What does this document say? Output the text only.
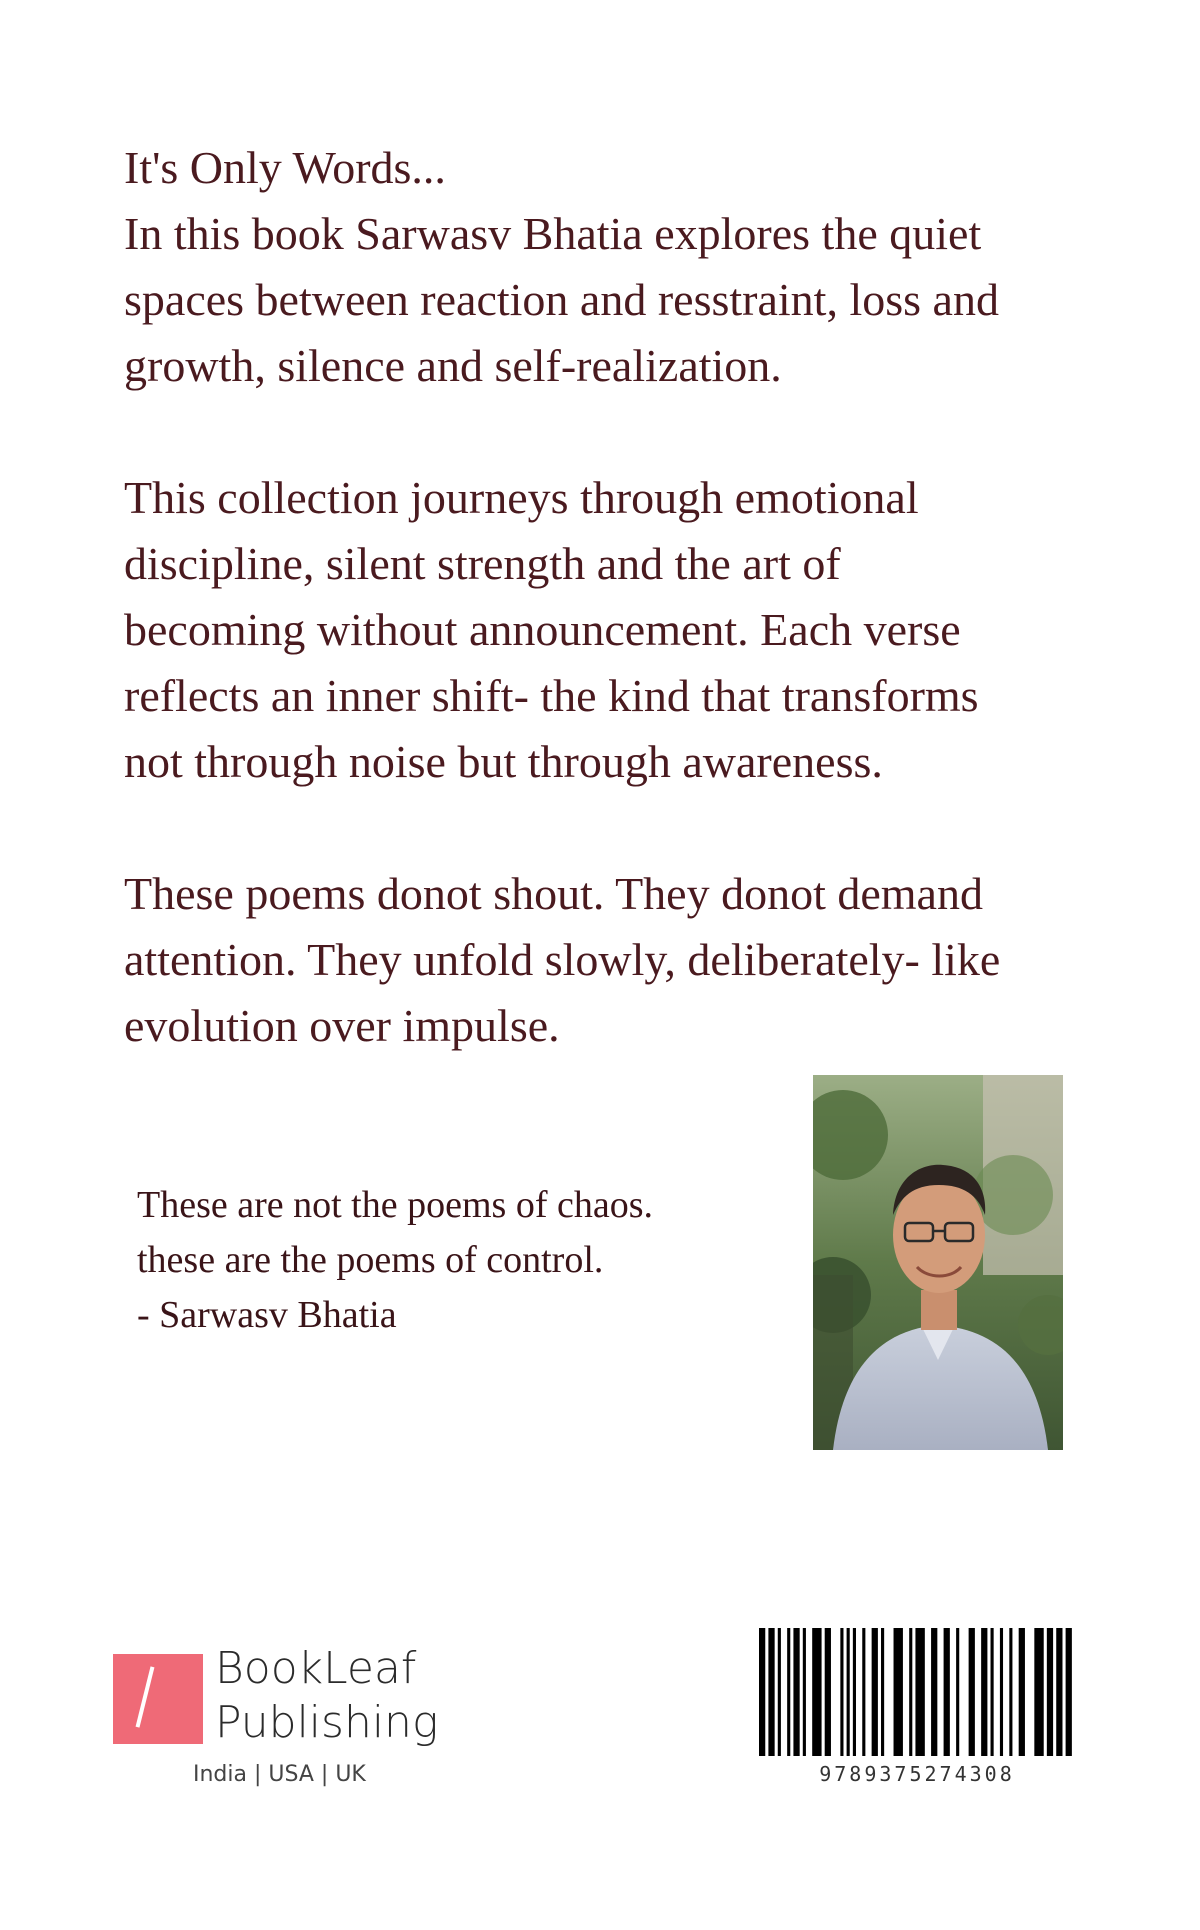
It's Only Words...
In this book Sarwasv Bhatia explores the quiet
spaces between reaction and resstraint, loss and
growth, silence and self-realization.

This collection journeys through emotional
discipline, silent strength and the art of
becoming without announcement. Each verse
reflects an inner shift- the kind that transforms
not through noise but through awareness.

These poems donot shout. They donot demand
attention. They unfold slowly, deliberately- like
evolution over impulse.

These are not the poems of chaos.
these are the poems of control.
- Sarwasv Bhatia
BookLeaf
Publishing
India | USA | UK	9789375274308
